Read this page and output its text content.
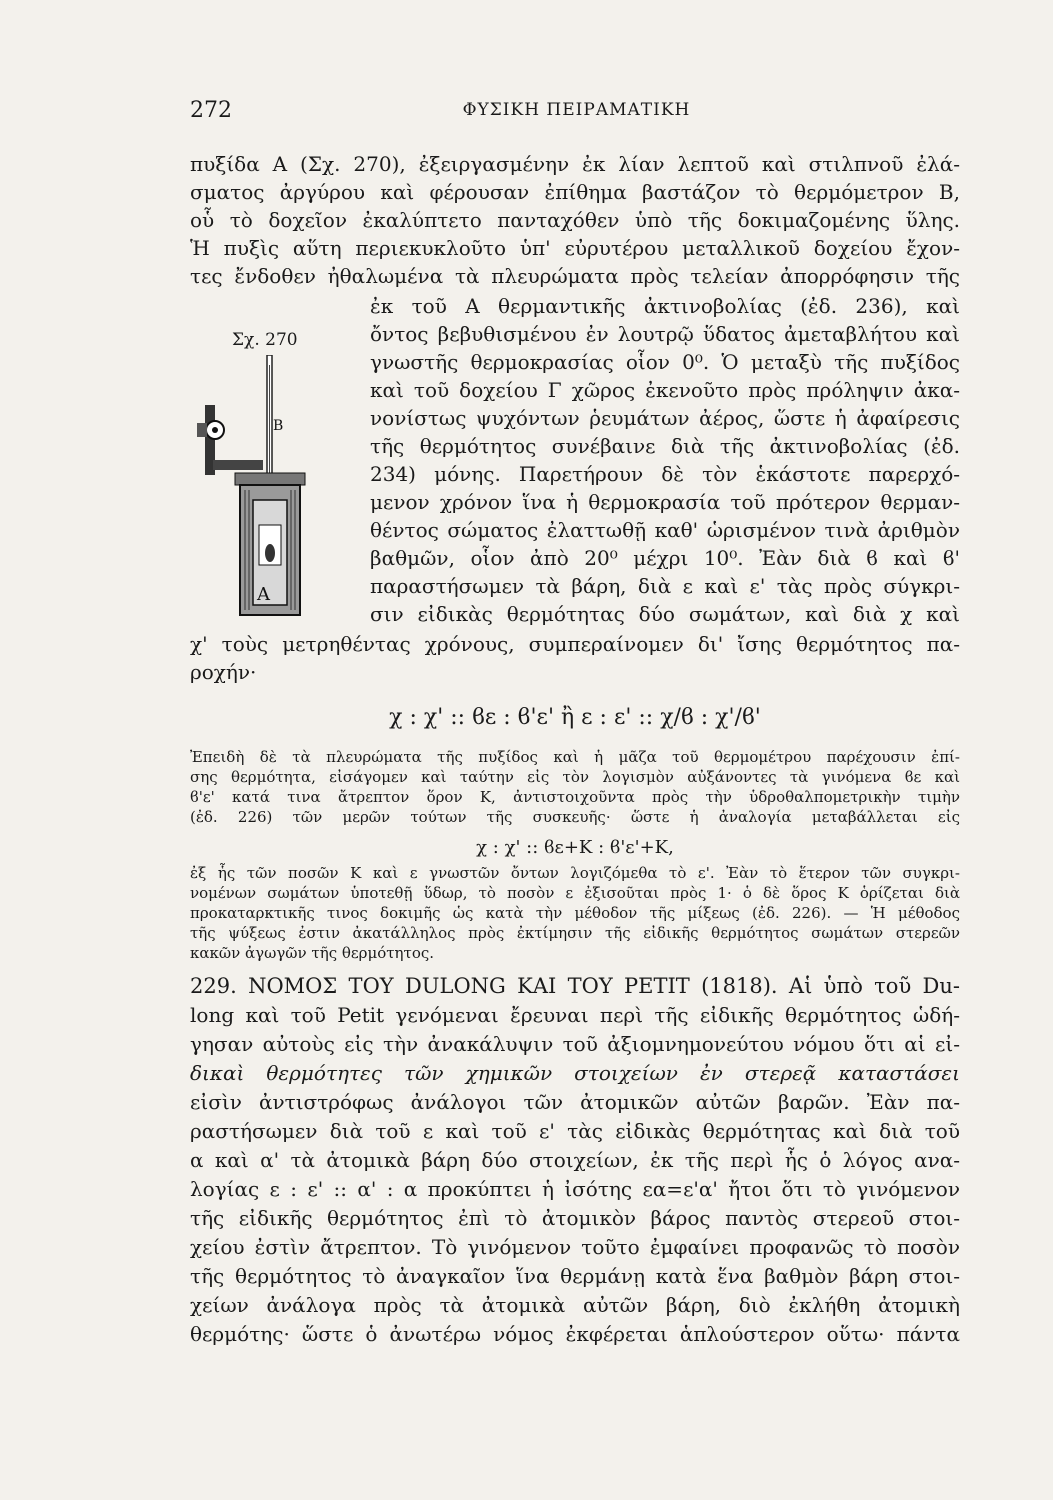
272	ΦΥΣΙΚΗ ΠΕΙΡΑΜΑΤΙΚΗ
πυξίδα Α (Σχ. 270), ἐξειργασμένην ἐκ λίαν λεπτοῦ καὶ στιλπνοῦ ἐλά-
σματος ἀργύρου καὶ φέρουσαν ἐπίθημα βαστάζον τὸ θερμόμετρον Β,
οὗ τὸ δοχεῖον ἐκαλύπτετο πανταχόθεν ὑπὸ τῆς δοκιμαζομένης ὕλης.
Ἡ πυξὶς αὕτη περιεκυκλοῦτο ὑπ' εὐρυτέρου μεταλλικοῦ δοχείου ἔχον-
τες ἔνδοθεν ἠθαλωμένα τὰ πλευρώματα πρὸς τελείαν ἀπορρόφησιν τῆς
ἐκ τοῦ Α θερμαντικῆς ἀκτινοβολίας (ἐδ. 236), καὶ
ὄντος βεβυθισμένου ἐν λουτρῷ ὕδατος ἀμεταβλήτου καὶ
γνωστῆς θερμοκρασίας οἷον 0⁰. Ὁ μεταξὺ τῆς πυξίδος
καὶ τοῦ δοχείου Γ χῶρος ἐκενοῦτο πρὸς πρόληψιν ἀκα-
νονίστως ψυχόντων ῥευμάτων ἀέρος, ὥστε ἡ ἀφαίρεσις
τῆς θερμότητος συνέβαινε διὰ τῆς ἀκτινοβολίας (ἐδ.
234) μόνης. Παρετήρουν δὲ τὸν ἑκάστοτε παρερχό-
μενον χρόνον ἵνα ἡ θερμοκρασία τοῦ πρότερον θερμαν-
θέντος σώματος ἐλαττωθῇ καθ' ὡρισμένον τινὰ ἀριθμὸν
βαθμῶν, οἷον ἀπὸ 20⁰ μέχρι 10⁰. Ἐὰν διὰ ϐ καὶ ϐ'
παραστήσωμεν τὰ βάρη, διὰ ε καὶ ε' τὰς πρὸς σύγκρι-
σιν εἰδικὰς θερμότητας δύο σωμάτων, καὶ διὰ χ καὶ
χ' τοὺς μετρηθέντας χρόνους, συμπεραίνομεν δι' ἴσης θερμότητος πα-
ροχήν·
Σχ. 270
A
B
χ : χ' :: ϐε : ϐ'ε' ἢ ε : ε' :: χ/ϐ : χ'/ϐ'
Ἐπειδὴ δὲ τὰ πλευρώματα τῆς πυξίδος καὶ ἡ μᾶζα τοῦ θερμομέτρου παρέχουσιν ἐπί-
σης θερμότητα, εἰσάγομεν καὶ ταύτην εἰς τὸν λογισμὸν αὐξάνοντες τὰ γινόμενα ϐε καὶ
ϐ'ε' κατά τινα ἄτρεπτον ὅρον Κ, ἀντιστοιχοῦντα πρὸς τὴν ὑδροθαλπομετρικὴν τιμὴν
(ἐδ. 226) τῶν μερῶν τούτων τῆς συσκευῆς· ὥστε ἡ ἀναλογία μεταβάλλεται εἰς
χ : χ' :: ϐε+Κ : ϐ'ε'+Κ,
ἐξ ἧς τῶν ποσῶν Κ καὶ ε γνωστῶν ὄντων λογιζόμεθα τὸ ε'. Ἐὰν τὸ ἕτερον τῶν συγκρι-
νομένων σωμάτων ὑποτεθῇ ὕδωρ, τὸ ποσὸν ε ἐξισοῦται πρὸς 1· ὁ δὲ ὅρος Κ ὁρίζεται διὰ
προκαταρκτικῆς τινος δοκιμῆς ὡς κατὰ τὴν μέθοδον τῆς μίξεως (ἐδ. 226). — Ἡ μέθοδος
τῆς ψύξεως ἐστιν ἀκατάλληλος πρὸς ἐκτίμησιν τῆς εἰδικῆς θερμότητος σωμάτων στερεῶν
κακῶν ἀγωγῶν τῆς θερμότητος.
229. ΝΟΜΟΣ ΤΟΥ DULONG ΚΑΙ ΤΟΥ PETIT (1818). Αἱ ὑπὸ τοῦ Du-
long καὶ τοῦ Petit γενόμεναι ἔρευναι περὶ τῆς εἰδικῆς θερμότητος ὡδή-
γησαν αὐτοὺς εἰς τὴν ἀνακάλυψιν τοῦ ἀξιομνημονεύτου νόμου ὅτι αἱ εἰ-
δικαὶ θερμότητες τῶν χημικῶν στοιχείων ἐν στερεᾷ καταστάσει
εἰσὶν ἀντιστρόφως ἀνάλογοι τῶν ἀτομικῶν αὐτῶν βαρῶν. Ἐὰν πα-
ραστήσωμεν διὰ τοῦ ε καὶ τοῦ ε' τὰς εἰδικὰς θερμότητας καὶ διὰ τοῦ
α καὶ α' τὰ ἀτομικὰ βάρη δύο στοιχείων, ἐκ τῆς περὶ ἧς ὁ λόγος ανα-
λογίας ε : ε' :: α' : α προκύπτει ἡ ἰσότης εα=ε'α' ἤτοι ὅτι τὸ γινόμενον
τῆς εἰδικῆς θερμότητος ἐπὶ τὸ ἀτομικὸν βάρος παντὸς στερεοῦ στοι-
χείου ἐστὶν ἄτρεπτον. Τὸ γινόμενον τοῦτο ἐμφαίνει προφανῶς τὸ ποσὸν
τῆς θερμότητος τὸ ἀναγκαῖον ἵνα θερμάνῃ κατὰ ἕνα βαθμὸν βάρη στοι-
χείων ἀνάλογα πρὸς τὰ ἀτομικὰ αὐτῶν βάρη, διὸ ἐκλήθη ἀτομικὴ
θερμότης· ὥστε ὁ ἀνωτέρω νόμος ἐκφέρεται ἁπλούστερον οὕτω· πάντα
